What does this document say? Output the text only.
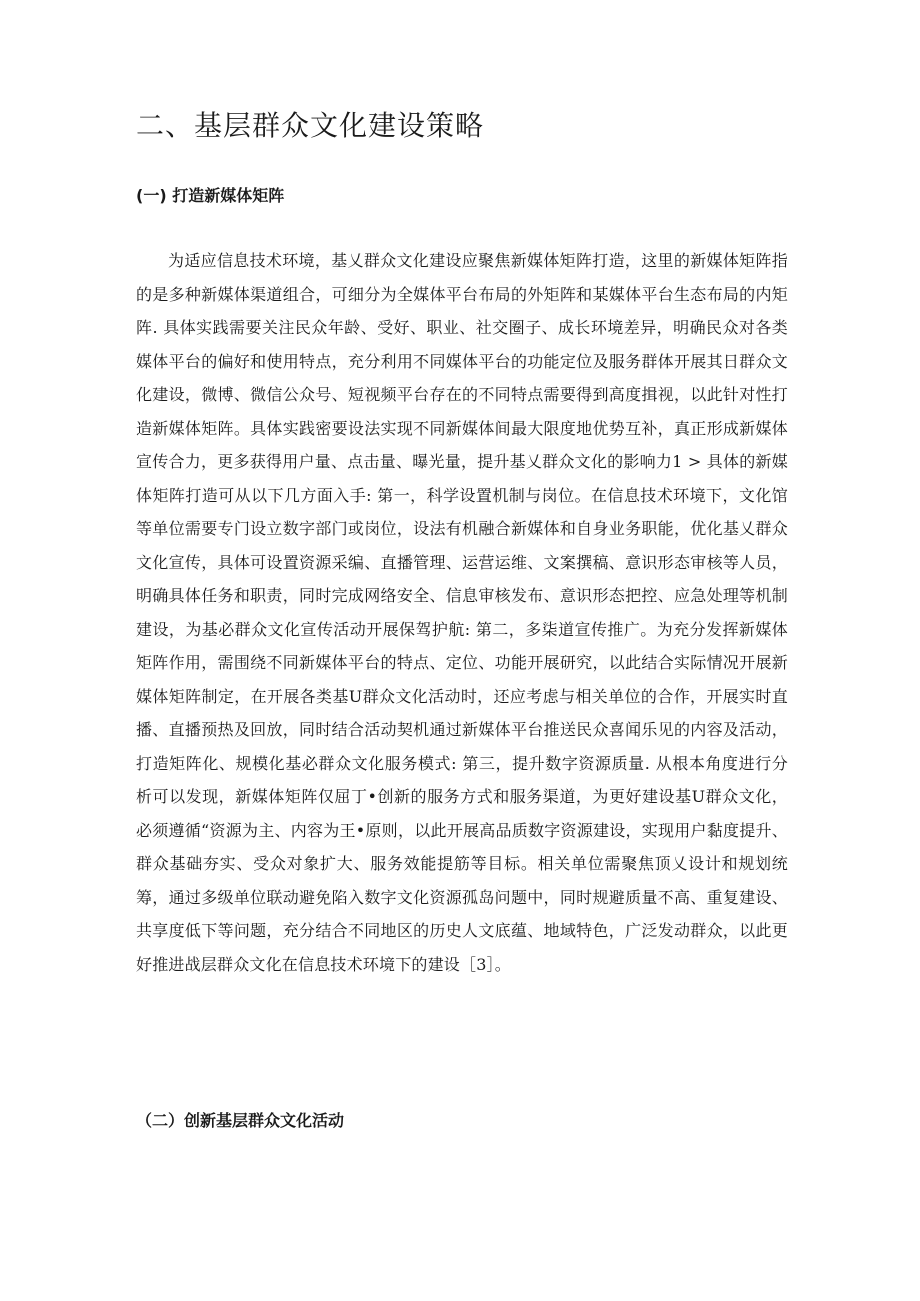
二、基层群众文化建设策略
(一) 打造新媒体矩阵

为适应信息技术环境，基乂群众文化建设应聚焦新媒体矩阵打造，这里的新媒体矩阵指的是多种新媒体渠道组合，可细分为全媒体平台布局的外矩阵和某媒体平台生态布局的内矩阵. 具体实践需要关注民众年龄、受好、职业、社交圈子、成长环境差异，明确民众对各类媒体平台的偏好和使用特点，充分利用不同媒体平台的功能定位及服务群体开展其日群众文化建设，微博、微信公众号、短视频平台存在的不同特点需要得到高度揖视，以此针对性打造新媒体矩阵。具体实践密要设法实现不同新媒体间最大限度地优势互补，真正形成新媒体宣传合力，更多获得用户量、点击量、曝光量，提升基乂群众文化的影响力1 > 具体的新媒体矩阵打造可从以下几方面入手: 第一，科学设置机制与岗位。在信息技术环境下，文化馆等单位需要专门设立数字部门或岗位，设法有机融合新媒体和自身业务职能，优化基乂群众文化宣传，具体可设置资源采编、直播管理、运营运维、文案撰稿、意识形态审核等人员，明确具体任务和职责，同时完成网络安全、信息审核发布、意识形态把控、应急处理等机制建设，为基必群众文化宣传活动开展保驾护航: 第二，多柒道宣传推广。为充分发挥新媒体矩阵作用，需围绕不同新媒体平台的特点、定位、功能开展研究，以此结合实际情况开展新媒体矩阵制定，在开展各类基U群众文化活动时，还应考虑与相关单位的合作，开展实时直播、直播预热及回放，同时结合活动契机通过新媒体平台推送民众喜闻乐见的内容及活动，打造矩阵化、规模化基必群众文化服务模式: 第三，提升数字资源质量. 从根本角度进行分析可以发现，新媒体矩阵仅屈丁•创新的服务方式和服务渠道，为更好建设基U群众文化，必须遵循“资源为主、内容为王•原则，以此开展高品质数字资源建设，实现用户黏度提升、群众基础夯实、受众对象扩大、服务效能提筋等目标。相关单位需聚焦顶乂设计和规划统筹，通过多级单位联动避免陷入数字文化资源孤岛问题中，同时规避质量不高、重复建设、共享度低下等问题，充分结合不同地区的历史人文底蕴、地域特色，广泛发动群众，以此更好推进战层群众文化在信息技术环境下的建设［3］。

（二）创新基层群众文化活动
